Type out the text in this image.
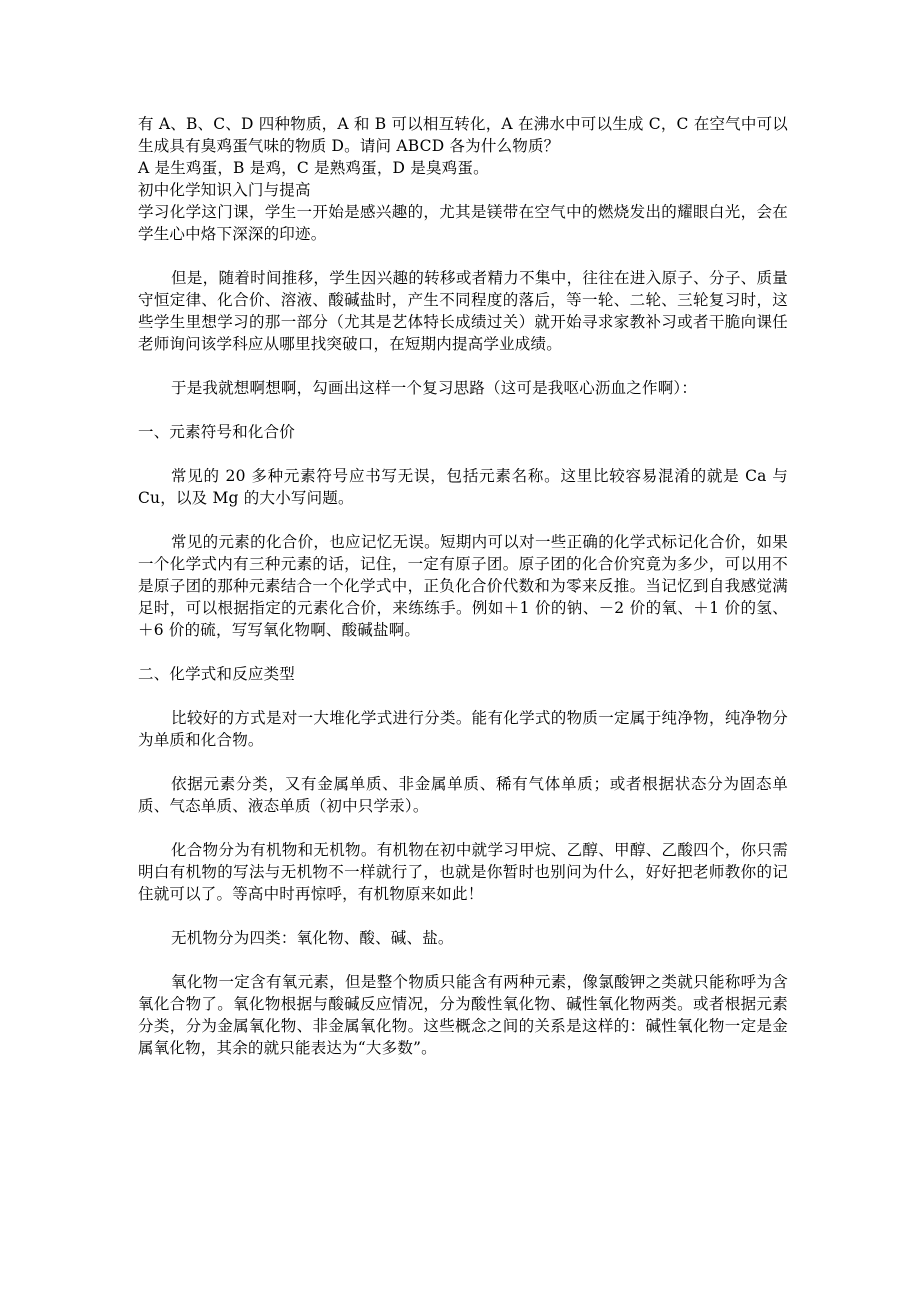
有 A、B、C、D 四种物质，A 和 B 可以相互转化，A 在沸水中可以生成 C，C 在空气中可以生成具有臭鸡蛋气味的物质 D。请问 ABCD 各为什么物质？

A 是生鸡蛋，B 是鸡，C 是熟鸡蛋，D 是臭鸡蛋。

初中化学知识入门与提高

学习化学这门课，学生一开始是感兴趣的，尤其是镁带在空气中的燃烧发出的耀眼白光，会在学生心中烙下深深的印迹。

但是，随着时间推移，学生因兴趣的转移或者精力不集中，往往在进入原子、分子、质量守恒定律、化合价、溶液、酸碱盐时，产生不同程度的落后，等一轮、二轮、三轮复习时，这些学生里想学习的那一部分（尤其是艺体特长成绩过关）就开始寻求家教补习或者干脆向课任老师询问该学科应从哪里找突破口，在短期内提高学业成绩。

于是我就想啊想啊，勾画出这样一个复习思路（这可是我呕心沥血之作啊）：

一、元素符号和化合价

常见的 20 多种元素符号应书写无误，包括元素名称。这里比较容易混淆的就是 Ca 与 Cu，以及 Mg 的大小写问题。

常见的元素的化合价，也应记忆无误。短期内可以对一些正确的化学式标记化合价，如果一个化学式内有三种元素的话，记住，一定有原子团。原子团的化合价究竟为多少，可以用不是原子团的那种元素结合一个化学式中，正负化合价代数和为零来反推。当记忆到自我感觉满足时，可以根据指定的元素化合价，来练练手。例如＋1 价的钠、－2 价的氧、＋1 价的氢、＋6 价的硫，写写氧化物啊、酸碱盐啊。

二、化学式和反应类型

比较好的方式是对一大堆化学式进行分类。能有化学式的物质一定属于纯净物，纯净物分为单质和化合物。

依据元素分类，又有金属单质、非金属单质、稀有气体单质；或者根据状态分为固态单质、气态单质、液态单质（初中只学汞）。

化合物分为有机物和无机物。有机物在初中就学习甲烷、乙醇、甲醇、乙酸四个，你只需明白有机物的写法与无机物不一样就行了，也就是你暂时也别问为什么，好好把老师教你的记住就可以了。等高中时再惊呼，有机物原来如此！

无机物分为四类：氧化物、酸、碱、盐。

氧化物一定含有氧元素，但是整个物质只能含有两种元素，像氯酸钾之类就只能称呼为含氧化合物了。氧化物根据与酸碱反应情况，分为酸性氧化物、碱性氧化物两类。或者根据元素分类，分为金属氧化物、非金属氧化物。这些概念之间的关系是这样的：碱性氧化物一定是金属氧化物，其余的就只能表达为“大多数”。
